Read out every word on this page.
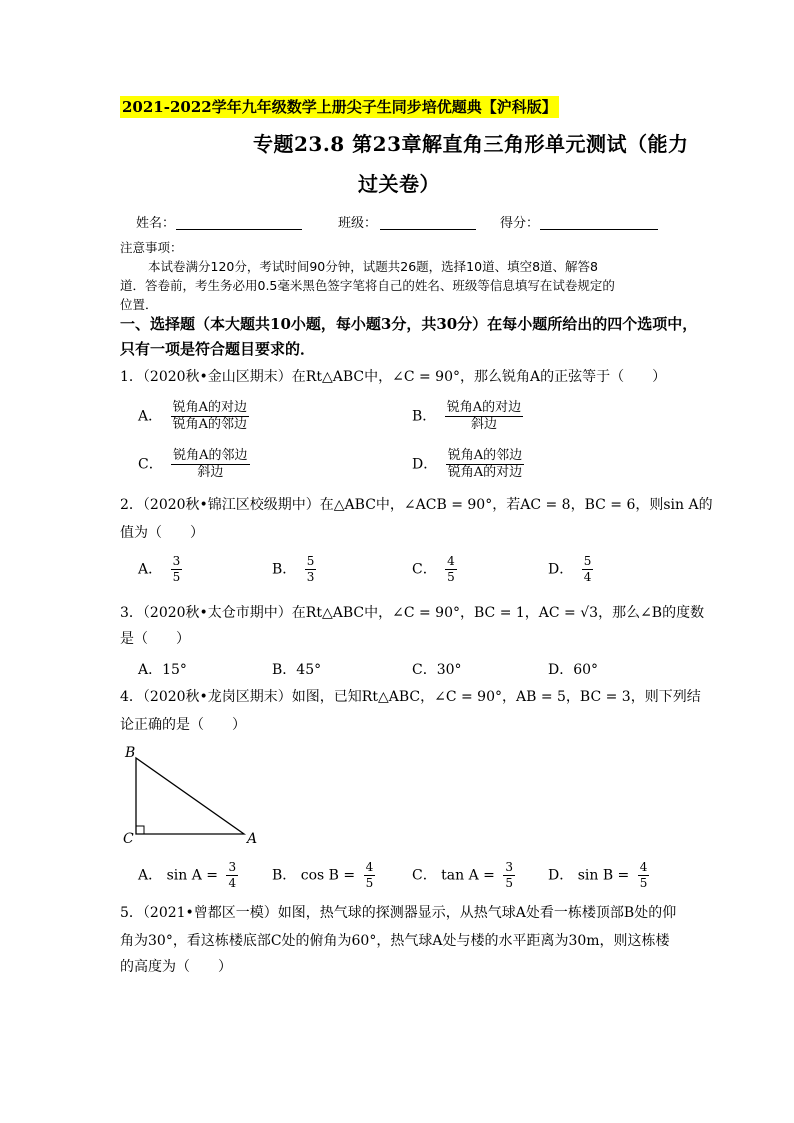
2021-2022学年九年级数学上册尖子生同步培优题典【沪科版】
专题23.8 第23章解直角三角形单元测试（能力
过关卷）
姓名：	班级：	得分：
注意事项：
本试卷满分120分，考试时间90分钟，试题共26题，选择10道、填空8道、解答8
道．答卷前，考生务必用0.5毫米黑色签字笔将自己的姓名、班级等信息填写在试卷规定的
位置．
一、选择题（本大题共10小题，每小题3分，共30分）在每小题所给出的四个选项中，
只有一项是符合题目要求的．
1．（2020秋•金山区期末）在Rt△ABC中，∠C = 90°，那么锐角A的正弦等于（　　）
A． $\frac{\text{锐角A的对边}}{\text{锐角A的邻边}}$	B． $\frac{\text{锐角A的对边}}{\text{斜边}}$
C． $\frac{\text{锐角A的邻边}}{\text{斜边}}$	D． $\frac{\text{锐角A的邻边}}{\text{锐角A的对边}}$
2．（2020秋•锦江区校级期中）在△ABC中，∠ACB = 90°，若AC = 8，BC = 6，则sin A的
值为（　　）
A． $\frac{3}{5}$	B． $\frac{5}{3}$	C． $\frac{4}{5}$	D． $\frac{5}{4}$
3．（2020秋•太仓市期中）在Rt△ABC中，∠C = 90°，BC = 1，AC = √3，那么∠B的度数
是（　　）
A．15°	B．45°	C．30°	D．60°
4．（2020秋•龙岗区期末）如图，已知Rt△ABC，∠C = 90°，AB = 5，BC = 3，则下列结
论正确的是（　　）
B
C	A
A． $\sin A = \frac{3}{4}$ B． $\cos B = \frac{4}{5}$	C． $\tan A = \frac{3}{5}$ D． $\sin B = \frac{4}{5}$
5．（2021•曾都区一模）如图，热气球的探测器显示，从热气球A处看一栋楼顶部B处的仰
角为30°，看这栋楼底部C处的俯角为60°，热气球A处与楼的水平距离为30m，则这栋楼
的高度为（　　）
